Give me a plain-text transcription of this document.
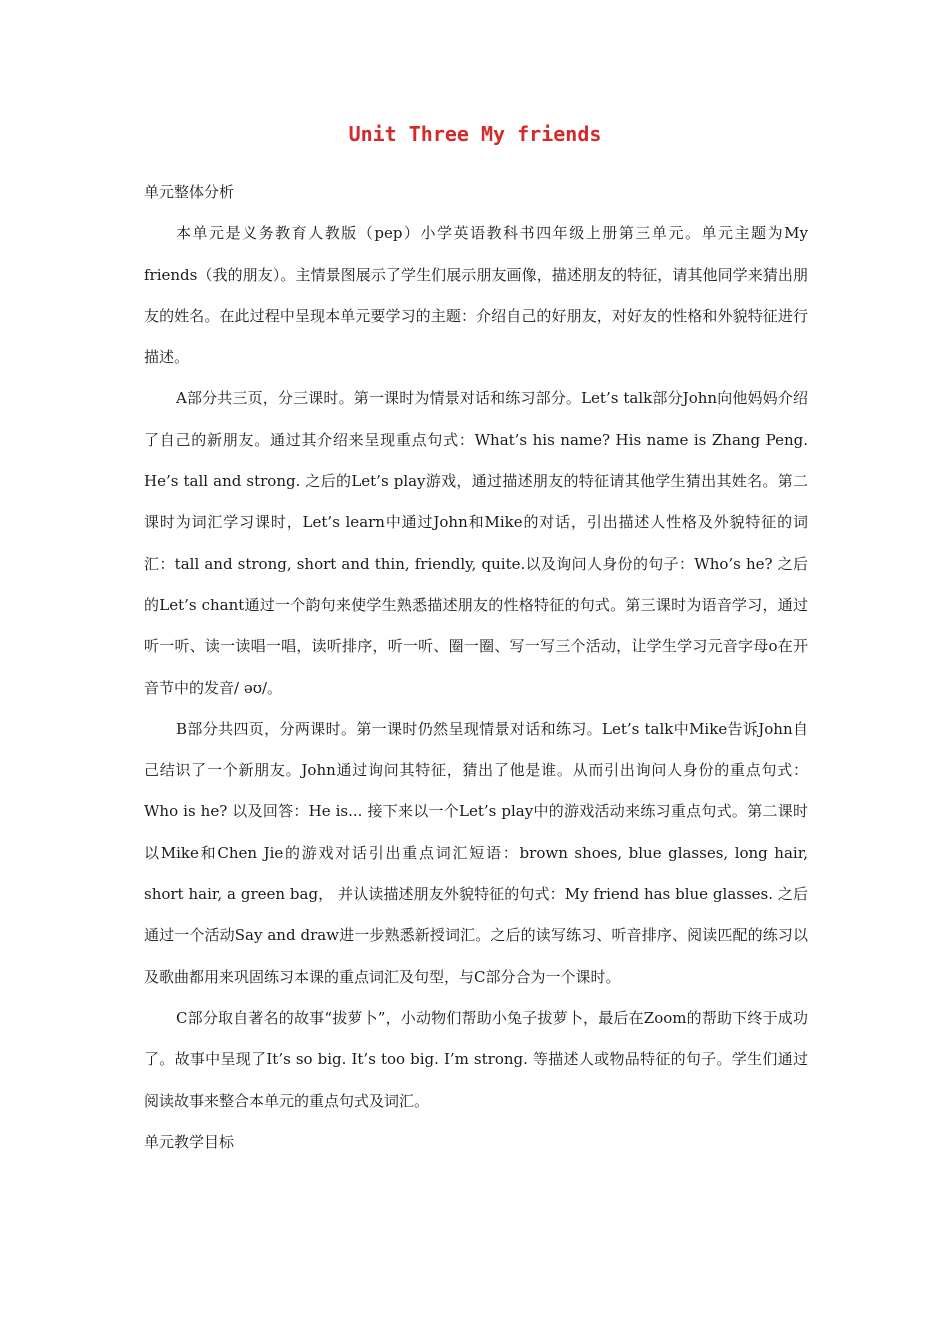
Unit Three My friends

单元整体分析

本单元是义务教育人教版（pep）小学英语教科书四年级上册第三单元。单元主题为My friends（我的朋友）。主情景图展示了学生们展示朋友画像，描述朋友的特征，请其他同学来猜出朋友的姓名。在此过程中呈现本单元要学习的主题：介绍自己的好朋友，对好友的性格和外貌特征进行描述。

A部分共三页，分三课时。第一课时为情景对话和练习部分。Let’s talk部分John向他妈妈介绍了自己的新朋友。通过其介绍来呈现重点句式：What’s his name? His name is Zhang Peng. He’s tall and strong. 之后的Let’s play游戏，通过描述朋友的特征请其他学生猜出其姓名。第二课时为词汇学习课时，Let’s learn中通过John和Mike的对话，引出描述人性格及外貌特征的词汇：tall and strong, short and thin, friendly, quite.以及询问人身份的句子：Who’s he? 之后的Let’s chant通过一个韵句来使学生熟悉描述朋友的性格特征的句式。第三课时为语音学习，通过听一听、读一读唱一唱，读听排序，听一听、圈一圈、写一写三个活动，让学生学习元音字母o在开音节中的发音/ əʊ/。

B部分共四页，分两课时。第一课时仍然呈现情景对话和练习。Let’s talk中Mike告诉John自己结识了一个新朋友。John通过询问其特征，猜出了他是谁。从而引出询问人身份的重点句式：Who is he? 以及回答：He is... 接下来以一个Let’s play中的游戏活动来练习重点句式。第二课时以Mike和Chen Jie的游戏对话引出重点词汇短语：brown shoes, blue glasses, long hair, short hair, a green bag， 并认读描述朋友外貌特征的句式：My friend has blue glasses. 之后通过一个活动Say and draw进一步熟悉新授词汇。之后的读写练习、听音排序、阅读匹配的练习以及歌曲都用来巩固练习本课的重点词汇及句型，与C部分合为一个课时。

C部分取自著名的故事“拔萝卜”，小动物们帮助小兔子拔萝卜，最后在Zoom的帮助下终于成功了。故事中呈现了It’s so big. It’s too big. I’m strong. 等描述人或物品特征的句子。学生们通过阅读故事来整合本单元的重点句式及词汇。

单元教学目标
